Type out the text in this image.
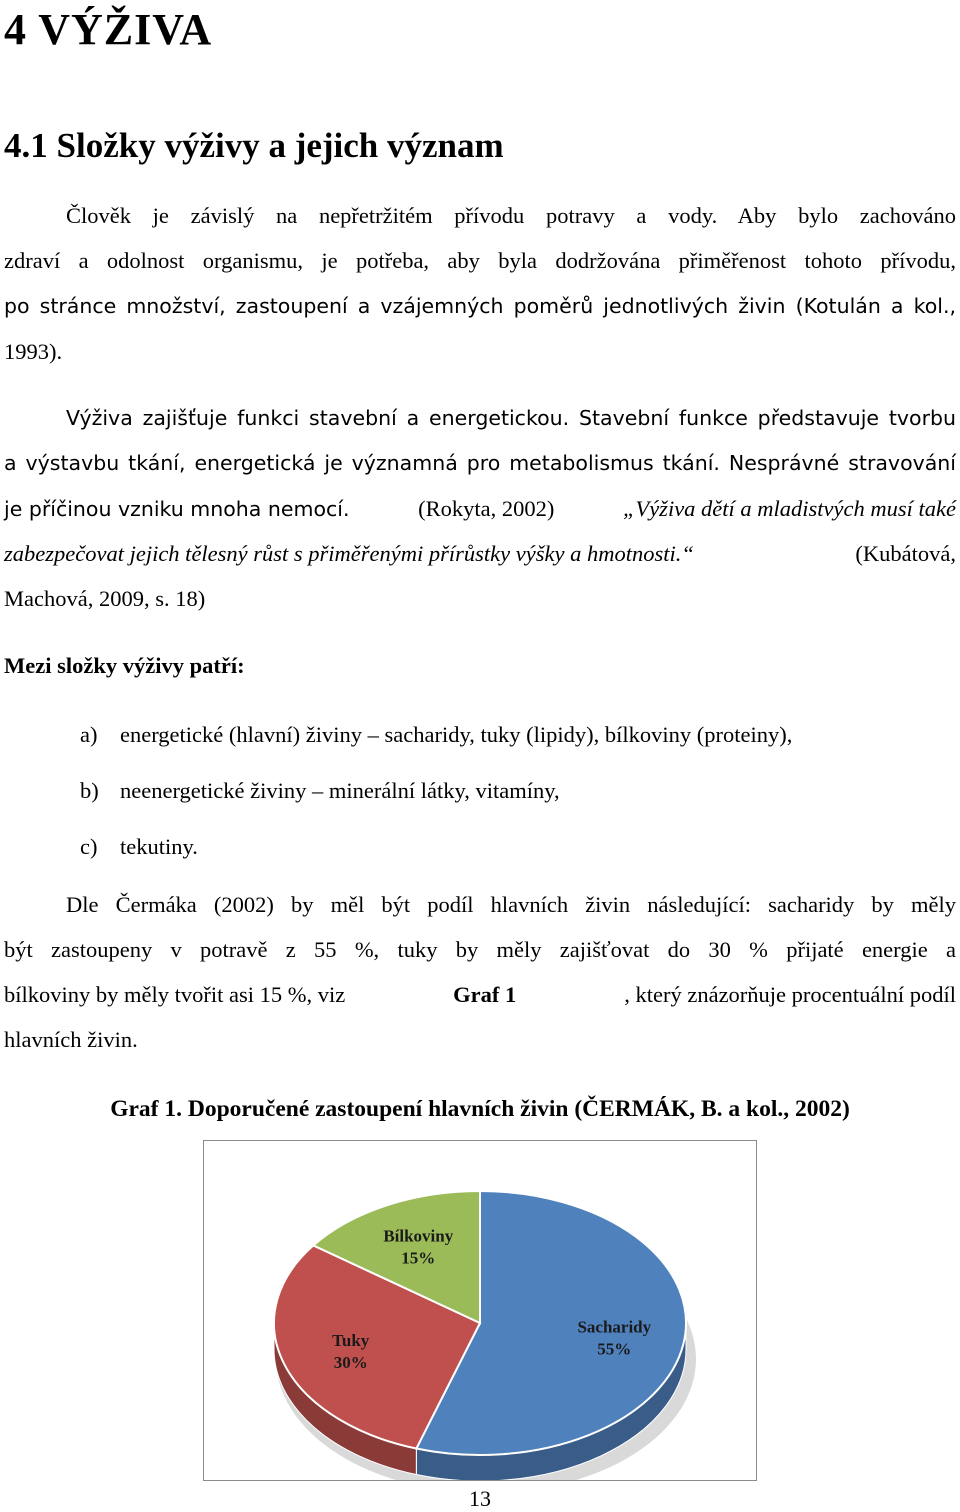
4 VÝŽIVA
4.1 Složky výživy a jejich význam
Člověk je závislý na nepřetržitém přívodu potravy a vody. Aby bylo zachováno
zdraví a odolnost organismu, je potřeba, aby byla dodržována přiměřenost tohoto přívodu,
po stránce množství, zastoupení a vzájemných poměrů jednotlivých živin (Kotulán a kol.,
1993).
Výživa zajišťuje funkci stavební a energetickou. Stavební funkce představuje tvorbu
a výstavbu tkání, energetická je významná pro metabolismus tkání. Nesprávné stravování
je příčinou vzniku mnoha nemocí.	(Rokyta, 2002)	„Výživa dětí a mladistvých musí také
zabezpečovat jejich tělesný růst s přiměřenými přírůstky výšky a hmotnosti.“	(Kubátová,
Machová, 2009, s. 18)
Mezi složky výživy patří:
a) energetické (hlavní) živiny – sacharidy, tuky (lipidy), bílkoviny (proteiny),
b) neenergetické živiny – minerální látky, vitamíny,
c) tekutiny.
Dle Čermáka (2002) by měl být podíl hlavních živin následující: sacharidy by měly
být zastoupeny v potravě z 55 %, tuky by měly zajišťovat do 30 % přijaté energie a
bílkoviny by měly tvořit asi 15 %, viz	Graf 1	, který znázorňuje procentuální podíl
hlavních živin.
Graf 1. Doporučené zastoupení hlavních živin (ČERMÁK, B. a kol., 2002)
Sacharidy
55%
Tuky
30%
Bílkoviny
15%
13
